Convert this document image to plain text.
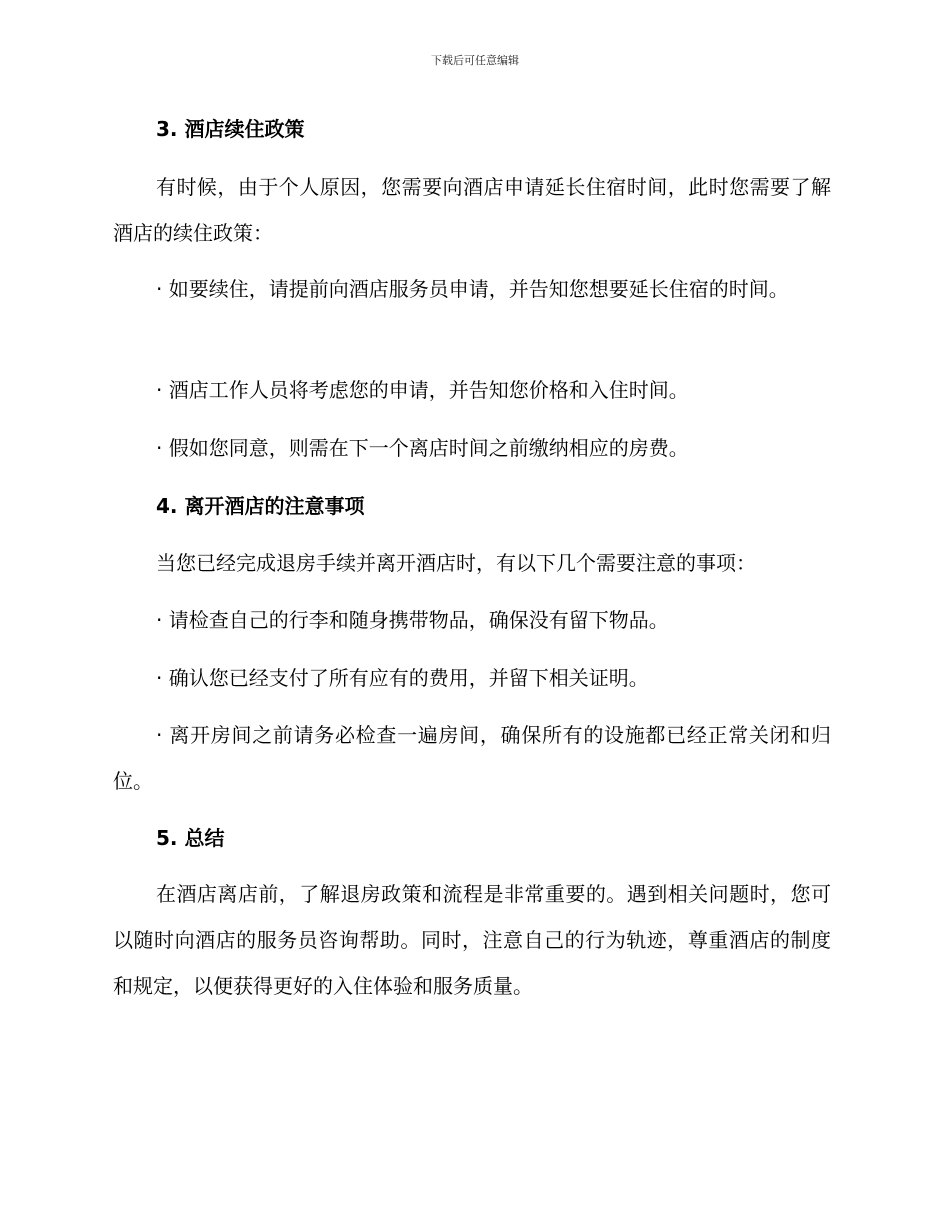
下载后可任意编辑
3. 酒店续住政策

有时候，由于个人原因，您需要向酒店申请延长住宿时间，此时您需要了解酒店的续住政策：

· 如要续住，请提前向酒店服务员申请，并告知您想要延长住宿的时间。

· 酒店工作人员将考虑您的申请，并告知您价格和入住时间。

· 假如您同意，则需在下一个离店时间之前缴纳相应的房费。

4. 离开酒店的注意事项

当您已经完成退房手续并离开酒店时，有以下几个需要注意的事项：

· 请检查自己的行李和随身携带物品，确保没有留下物品。

· 确认您已经支付了所有应有的费用，并留下相关证明。

· 离开房间之前请务必检查一遍房间，确保所有的设施都已经正常关闭和归位。

5. 总结

在酒店离店前，了解退房政策和流程是非常重要的。遇到相关问题时，您可以随时向酒店的服务员咨询帮助。同时，注意自己的行为轨迹，尊重酒店的制度和规定，以便获得更好的入住体验和服务质量。
